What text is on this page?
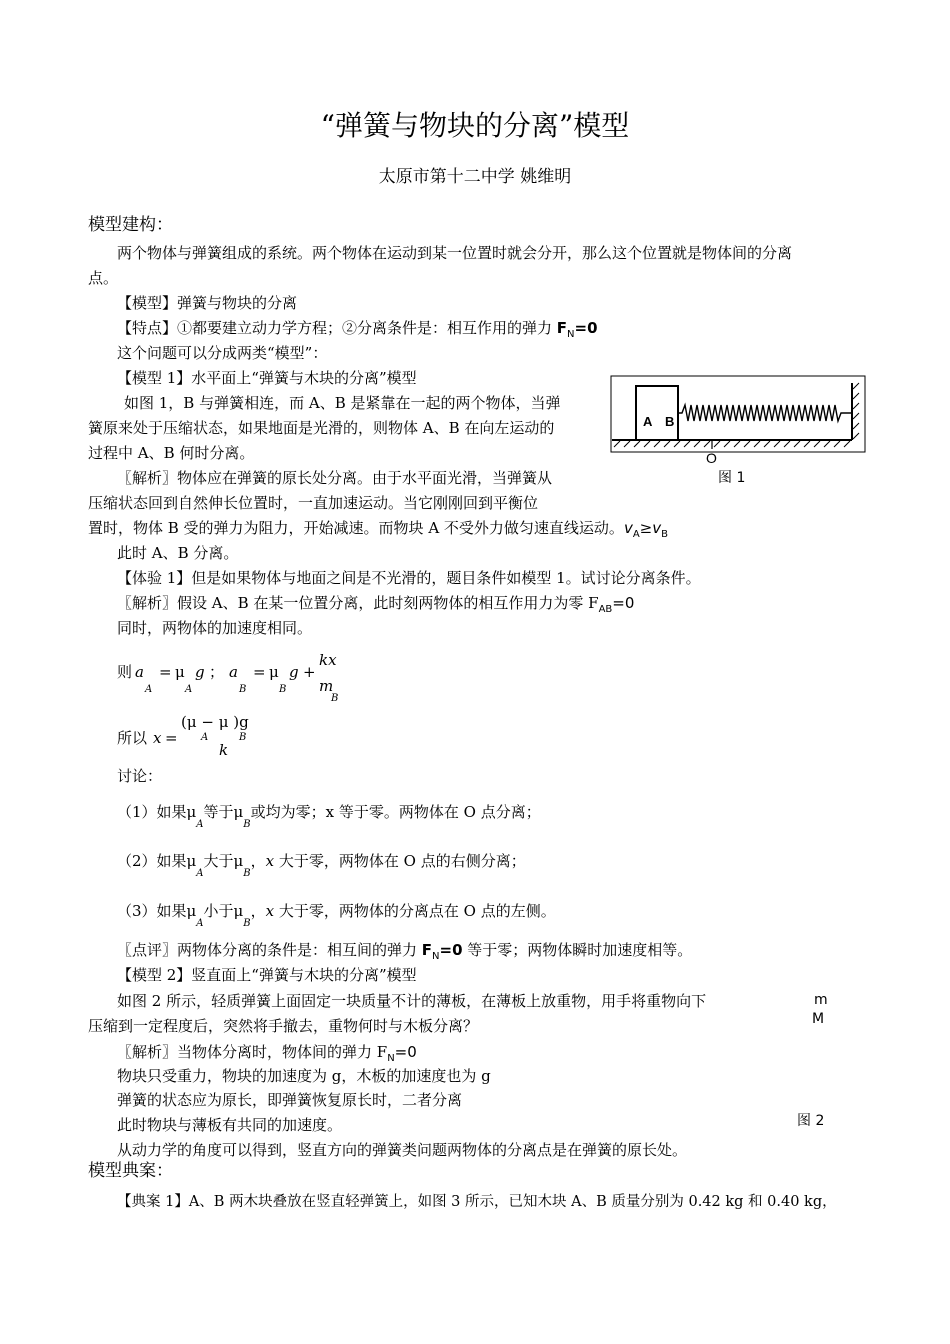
“弹簧与物块的分离”模型
太原市第十二中学 姚维明
模型建构：
两个物体与弹簧组成的系统。两个物体在运动到某一位置时就会分开，那么这个位置就是物体间的分离
点。
【模型】弹簧与物块的分离
【特点】①都要建立动力学方程；②分离条件是：相互作用的弹力 $F_N=0$
这个问题可以分成两类“模型”：
【模型 1】水平面上“弹簧与木块的分离”模型
如图 1，B 与弹簧相连，而 A、B 是紧靠在一起的两个物体，当弹
簧原来处于压缩状态，如果地面是光滑的，则物体 A、B 在向左运动的
过程中 A、B 何时分离。
〖解析〗物体应在弹簧的原长处分离。由于水平面光滑，当弹簧从
压缩状态回到自然伸长位置时，一直加速运动。当它刚刚回到平衡位
置时，物体 B 受的弹力为阻力，开始减速。而物块 A 不受外力做匀速直线运动。$v_A\ge v_B$
此时 A、B 分离。
【体验 1】但是如果物体与地面之间是不光滑的，题目条件如模型 1。试讨论分离条件。
〖解析〗假设 A、B 在某一位置分离，此时刻两物体的相互作用力为零 $F_{AB}=0$
同时，两物体的加速度相同。
则 a
A
= μ
A
g ； a
B
= μ
B
g +
kx
m
B
所以 x =
(μ − μ )g
A	B
k
讨论：
（1）如果$\mu_A$等于$\mu_B$或均为零；x 等于零。两物体在 O 点分离；
（2）如果$\mu_A$大于$\mu_B$，x 大于零，两物体在 O 点的右侧分离；
（3）如果$\mu_A$小于$\mu_B$，x 大于零，两物体的分离点在 O 点的左侧。
〖点评〗两物体分离的条件是：相互间的弹力 $F_N=0$ 等于零；两物体瞬时加速度相等。
【模型 2】竖直面上“弹簧与木块的分离”模型
如图 2 所示，轻质弹簧上面固定一块质量不计的薄板，在薄板上放重物，用手将重物向下
压缩到一定程度后，突然将手撤去，重物何时与木板分离？
〖解析〗当物体分离时，物体间的弹力 $F_N=0$
物块只受重力，物块的加速度为 g，木板的加速度也为 g
弹簧的状态应为原长，即弹簧恢复原长时，二者分离
此时物块与薄板有共同的加速度。
从动力学的角度可以得到，竖直方向的弹簧类问题两物体的分离点是在弹簧的原长处。
模型典案：
【典案 1】A、B 两木块叠放在竖直轻弹簧上，如图 3 所示，已知木块 A、B 质量分别为 0.42 kg 和 0.40 kg，
A B
O
图 1
m
M
图 2
